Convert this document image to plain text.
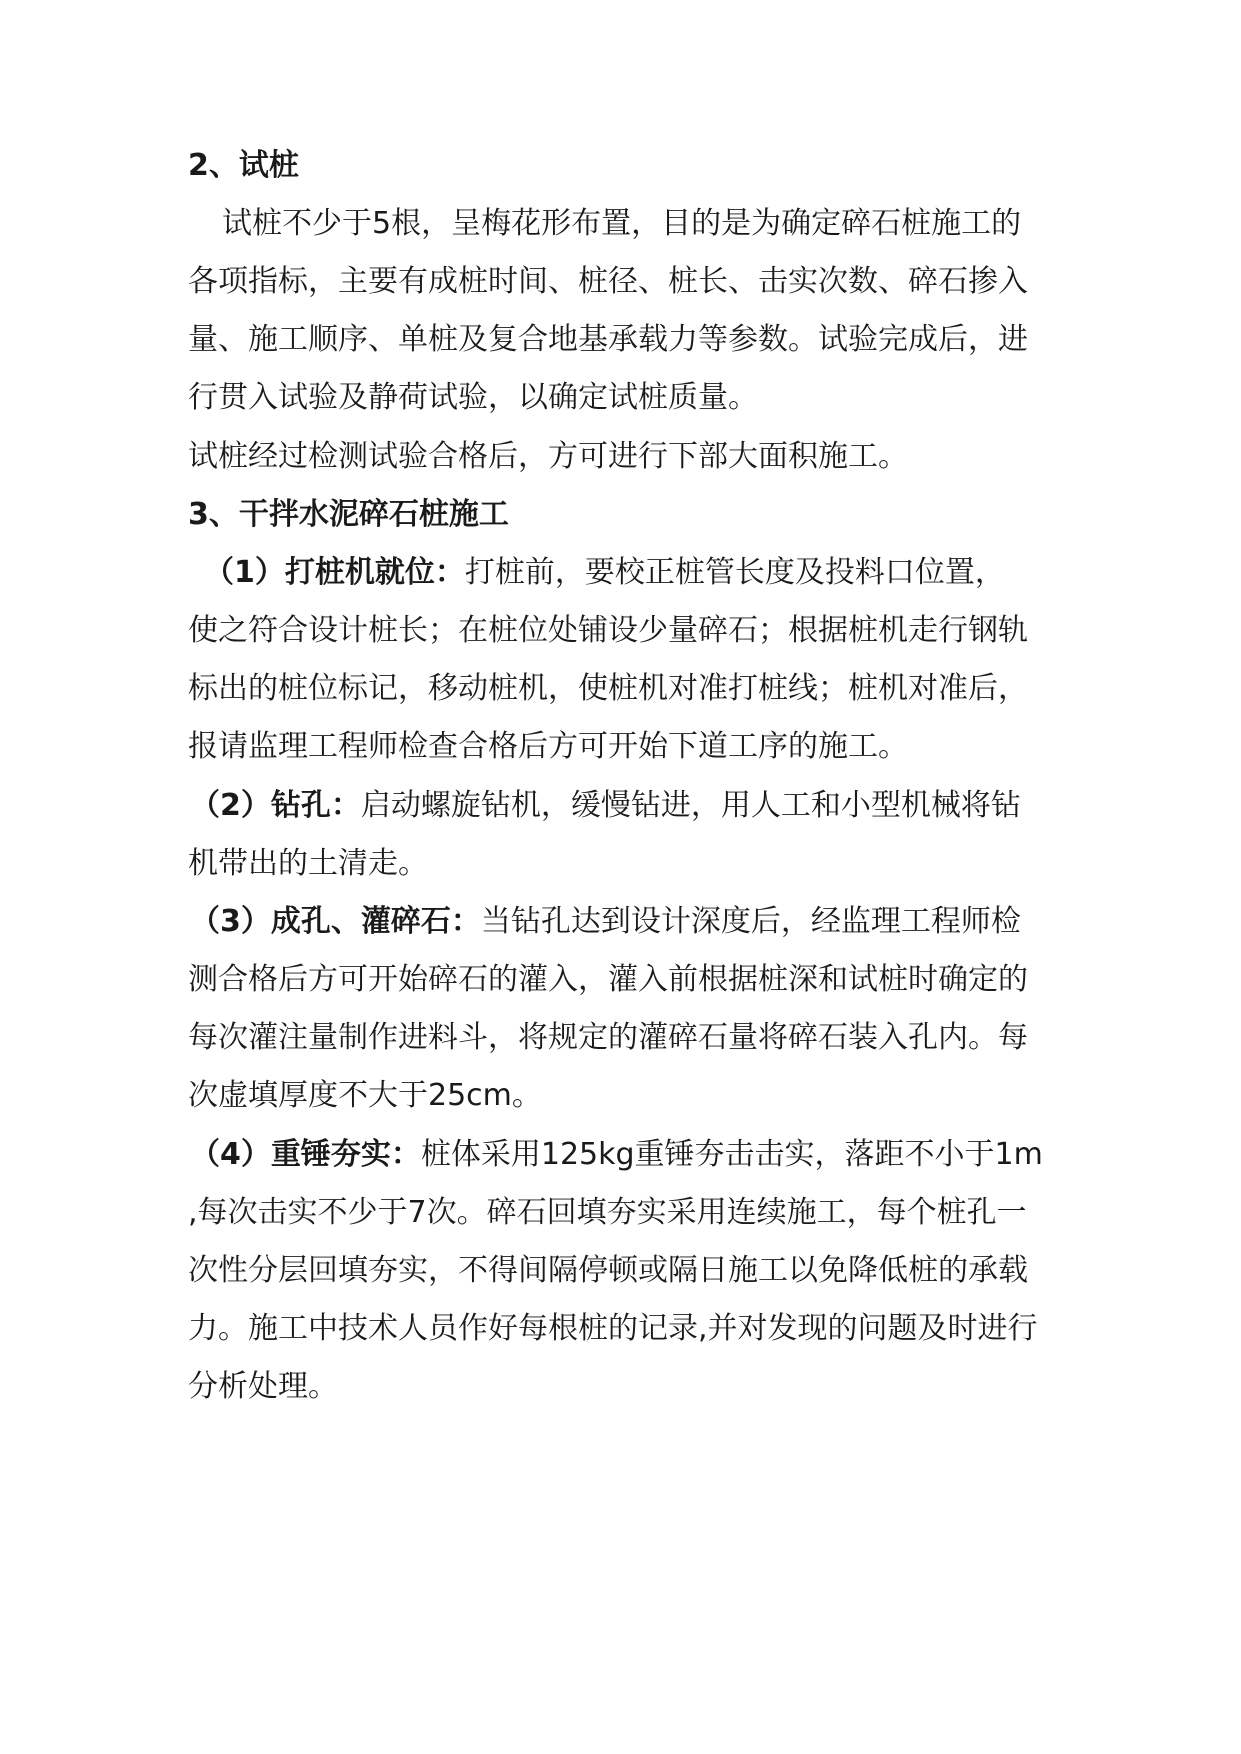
2、试桩
试桩不少于5根，呈梅花形布置，目的是为确定碎石桩施工的
各项指标，主要有成桩时间、桩径、桩长、击实次数、碎石掺入
量、施工顺序、单桩及复合地基承载力等参数。试验完成后，进
行贯入试验及静荷试验，以确定试桩质量。
试桩经过检测试验合格后，方可进行下部大面积施工。
3、干拌水泥碎石桩施工
（1）打桩机就位：打桩前，要校正桩管长度及投料口位置，
使之符合设计桩长；在桩位处铺设少量碎石；根据桩机走行钢轨
标出的桩位标记，移动桩机，使桩机对准打桩线；桩机对准后，
报请监理工程师检查合格后方可开始下道工序的施工。
（2）钻孔：启动螺旋钻机，缓慢钻进，用人工和小型机械将钻
机带出的土清走。
（3）成孔、灌碎石：当钻孔达到设计深度后，经监理工程师检
测合格后方可开始碎石的灌入，灌入前根据桩深和试桩时确定的
每次灌注量制作进料斗，将规定的灌碎石量将碎石装入孔内。每
次虚填厚度不大于25cm。
（4）重锤夯实：桩体采用125kg重锤夯击击实，落距不小于1m
,每次击实不少于7次。碎石回填夯实采用连续施工，每个桩孔一
次性分层回填夯实，不得间隔停顿或隔日施工以免降低桩的承载
力。施工中技术人员作好每根桩的记录,并对发现的问题及时进行
分析处理。
